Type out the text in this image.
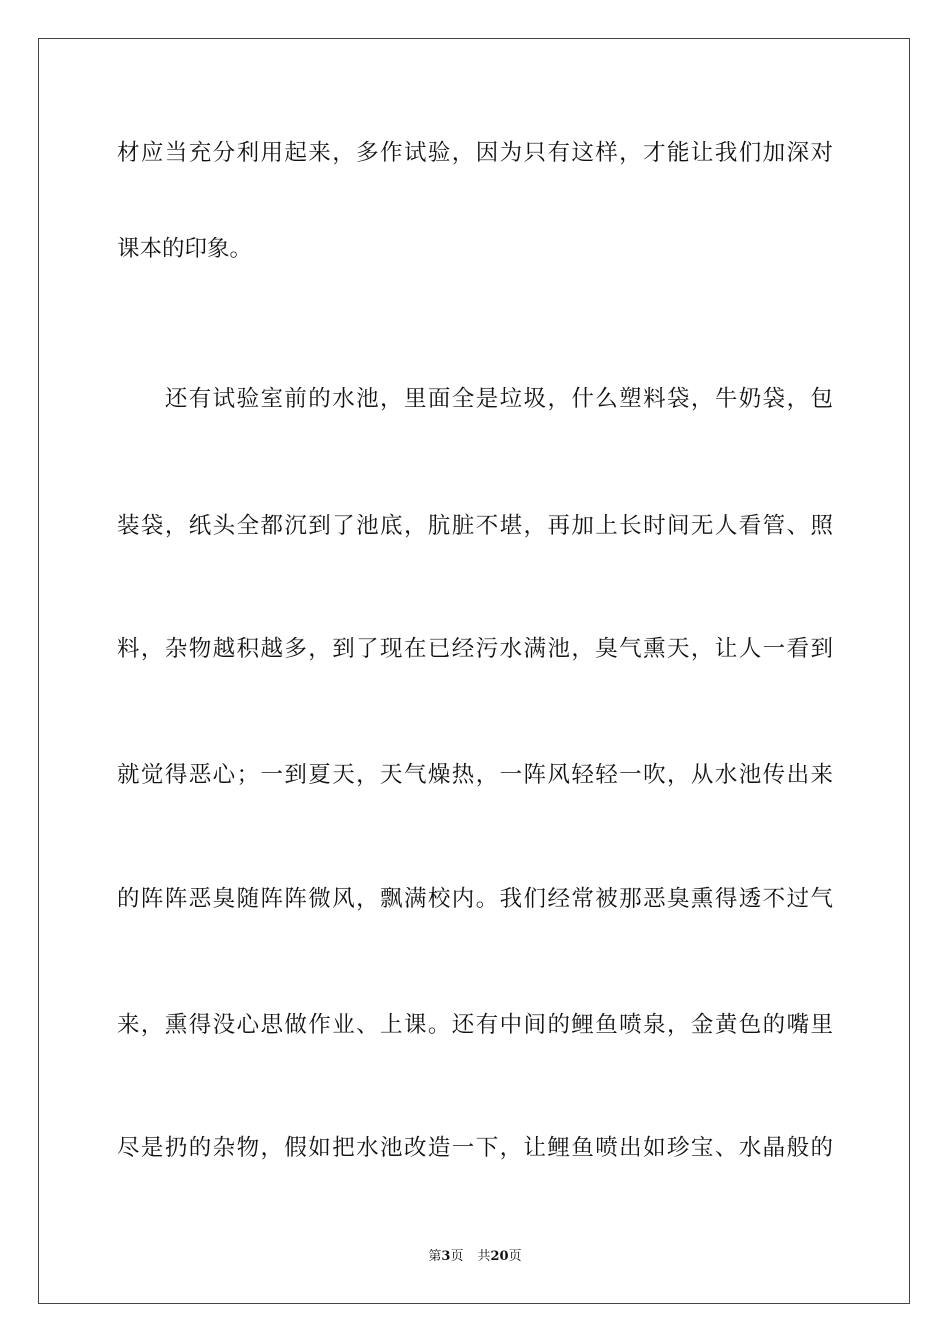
材应当充分利用起来，多作试验，因为只有这样，才能让我们加深对
课本的印象。
　　还有试验室前的水池，里面全是垃圾，什么塑料袋，牛奶袋，包
装袋，纸头全都沉到了池底，肮脏不堪，再加上长时间无人看管、照
料，杂物越积越多，到了现在已经污水满池，臭气熏天，让人一看到
就觉得恶心；一到夏天，天气燥热，一阵风轻轻一吹，从水池传出来
的阵阵恶臭随阵阵微风，飘满校内。我们经常被那恶臭熏得透不过气
来，熏得没心思做作业、上课。还有中间的鲤鱼喷泉，金黄色的嘴里
尽是扔的杂物，假如把水池改造一下，让鲤鱼喷出如珍宝、水晶般的
第3页 共20页
